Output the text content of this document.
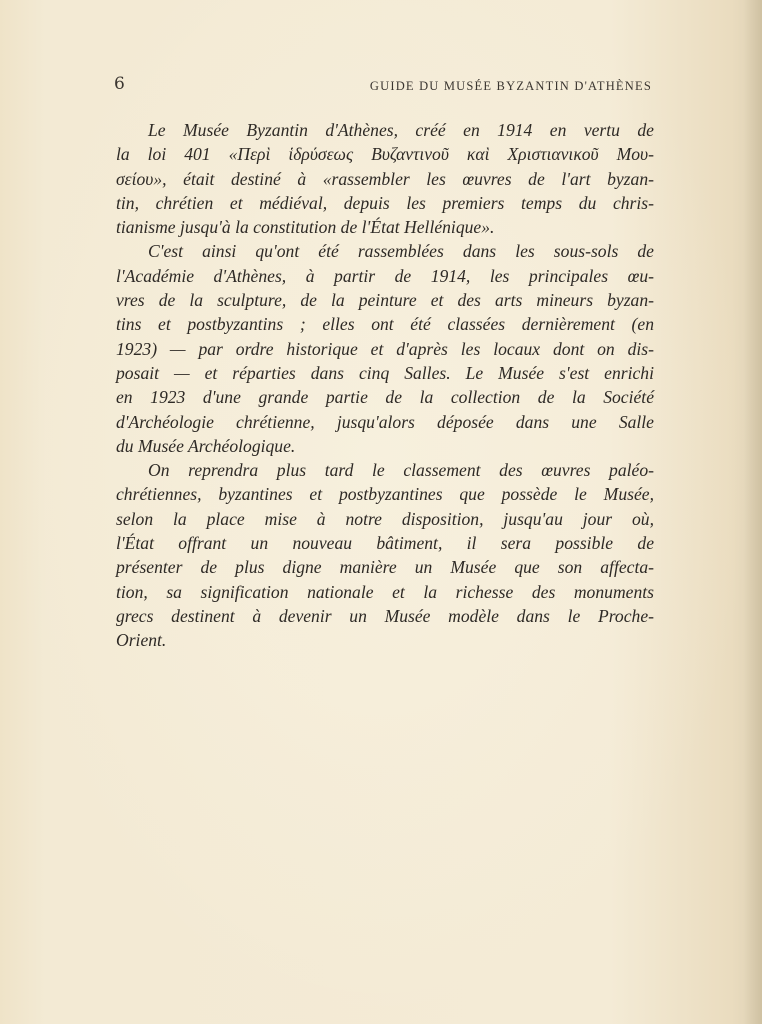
6	GUIDE DU MUSÉE BYZANTIN D'ATHÈNES
Le Musée Byzantin d'Athènes, créé en 1914 en vertu de
la loi 401 «Περὶ ἱδρύσεως Βυζαντινοῦ καὶ Χριστιανικοῦ Μου-
σείου», était destiné à «rassembler les œuvres de l'art byzan-
tin, chrétien et médiéval, depuis les premiers temps du chris-
tianisme jusqu'à la constitution de l'État Hellénique».
C'est ainsi qu'ont été rassemblées dans les sous-sols de
l'Académie d'Athènes, à partir de 1914, les principales œu-
vres de la sculpture, de la peinture et des arts mineurs byzan-
tins et postbyzantins ; elles ont été classées dernièrement (en
1923) — par ordre historique et d'après les locaux dont on dis-
posait — et réparties dans cinq Salles. Le Musée s'est enrichi
en 1923 d'une grande partie de la collection de la Société
d'Archéologie chrétienne, jusqu'alors déposée dans une Salle
du Musée Archéologique.
On reprendra plus tard le classement des œuvres paléo-
chrétiennes, byzantines et postbyzantines que possède le Musée,
selon la place mise à notre disposition, jusqu'au jour où,
l'État offrant un nouveau bâtiment, il sera possible de
présenter de plus digne manière un Musée que son affecta-
tion, sa signification nationale et la richesse des monuments
grecs destinent à devenir un Musée modèle dans le Proche-
Orient.
